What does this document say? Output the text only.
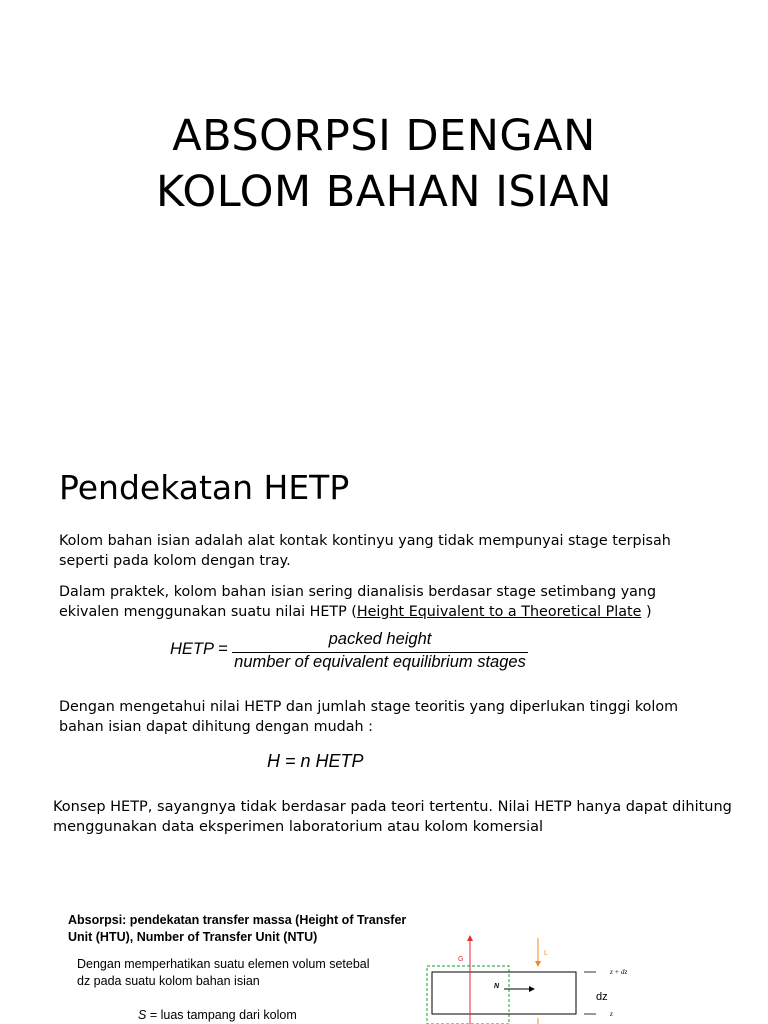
ABSORPSI DENGAN
KOLOM BAHAN ISIAN
Pendekatan HETP
Kolom bahan isian adalah alat kontak kontinyu yang tidak mempunyai stage terpisah seperti pada kolom dengan tray.
Dalam praktek, kolom bahan isian sering dianalisis berdasar stage setimbang yang ekivalen menggunakan suatu nilai HETP (Height Equivalent to a Theoretical Plate )
HETP =
packed height
number of equivalent equilibrium stages
Dengan mengetahui nilai HETP dan jumlah stage teoritis yang diperlukan tinggi kolom bahan isian dapat dihitung dengan mudah :
H = n HETP
Konsep HETP, sayangnya tidak berdasar pada teori tertentu. Nilai HETP hanya dapat dihitung menggunakan data eksperimen laboratorium atau kolom komersial
Absorpsi: pendekatan transfer massa (Height of Transfer Unit (HTU), Number of Transfer Unit (NTU)
Dengan memperhatikan suatu elemen volum setebal dz pada suatu kolom bahan isian
S = luas tampang dari kolom
G
L
N
z + dz
z
dz
